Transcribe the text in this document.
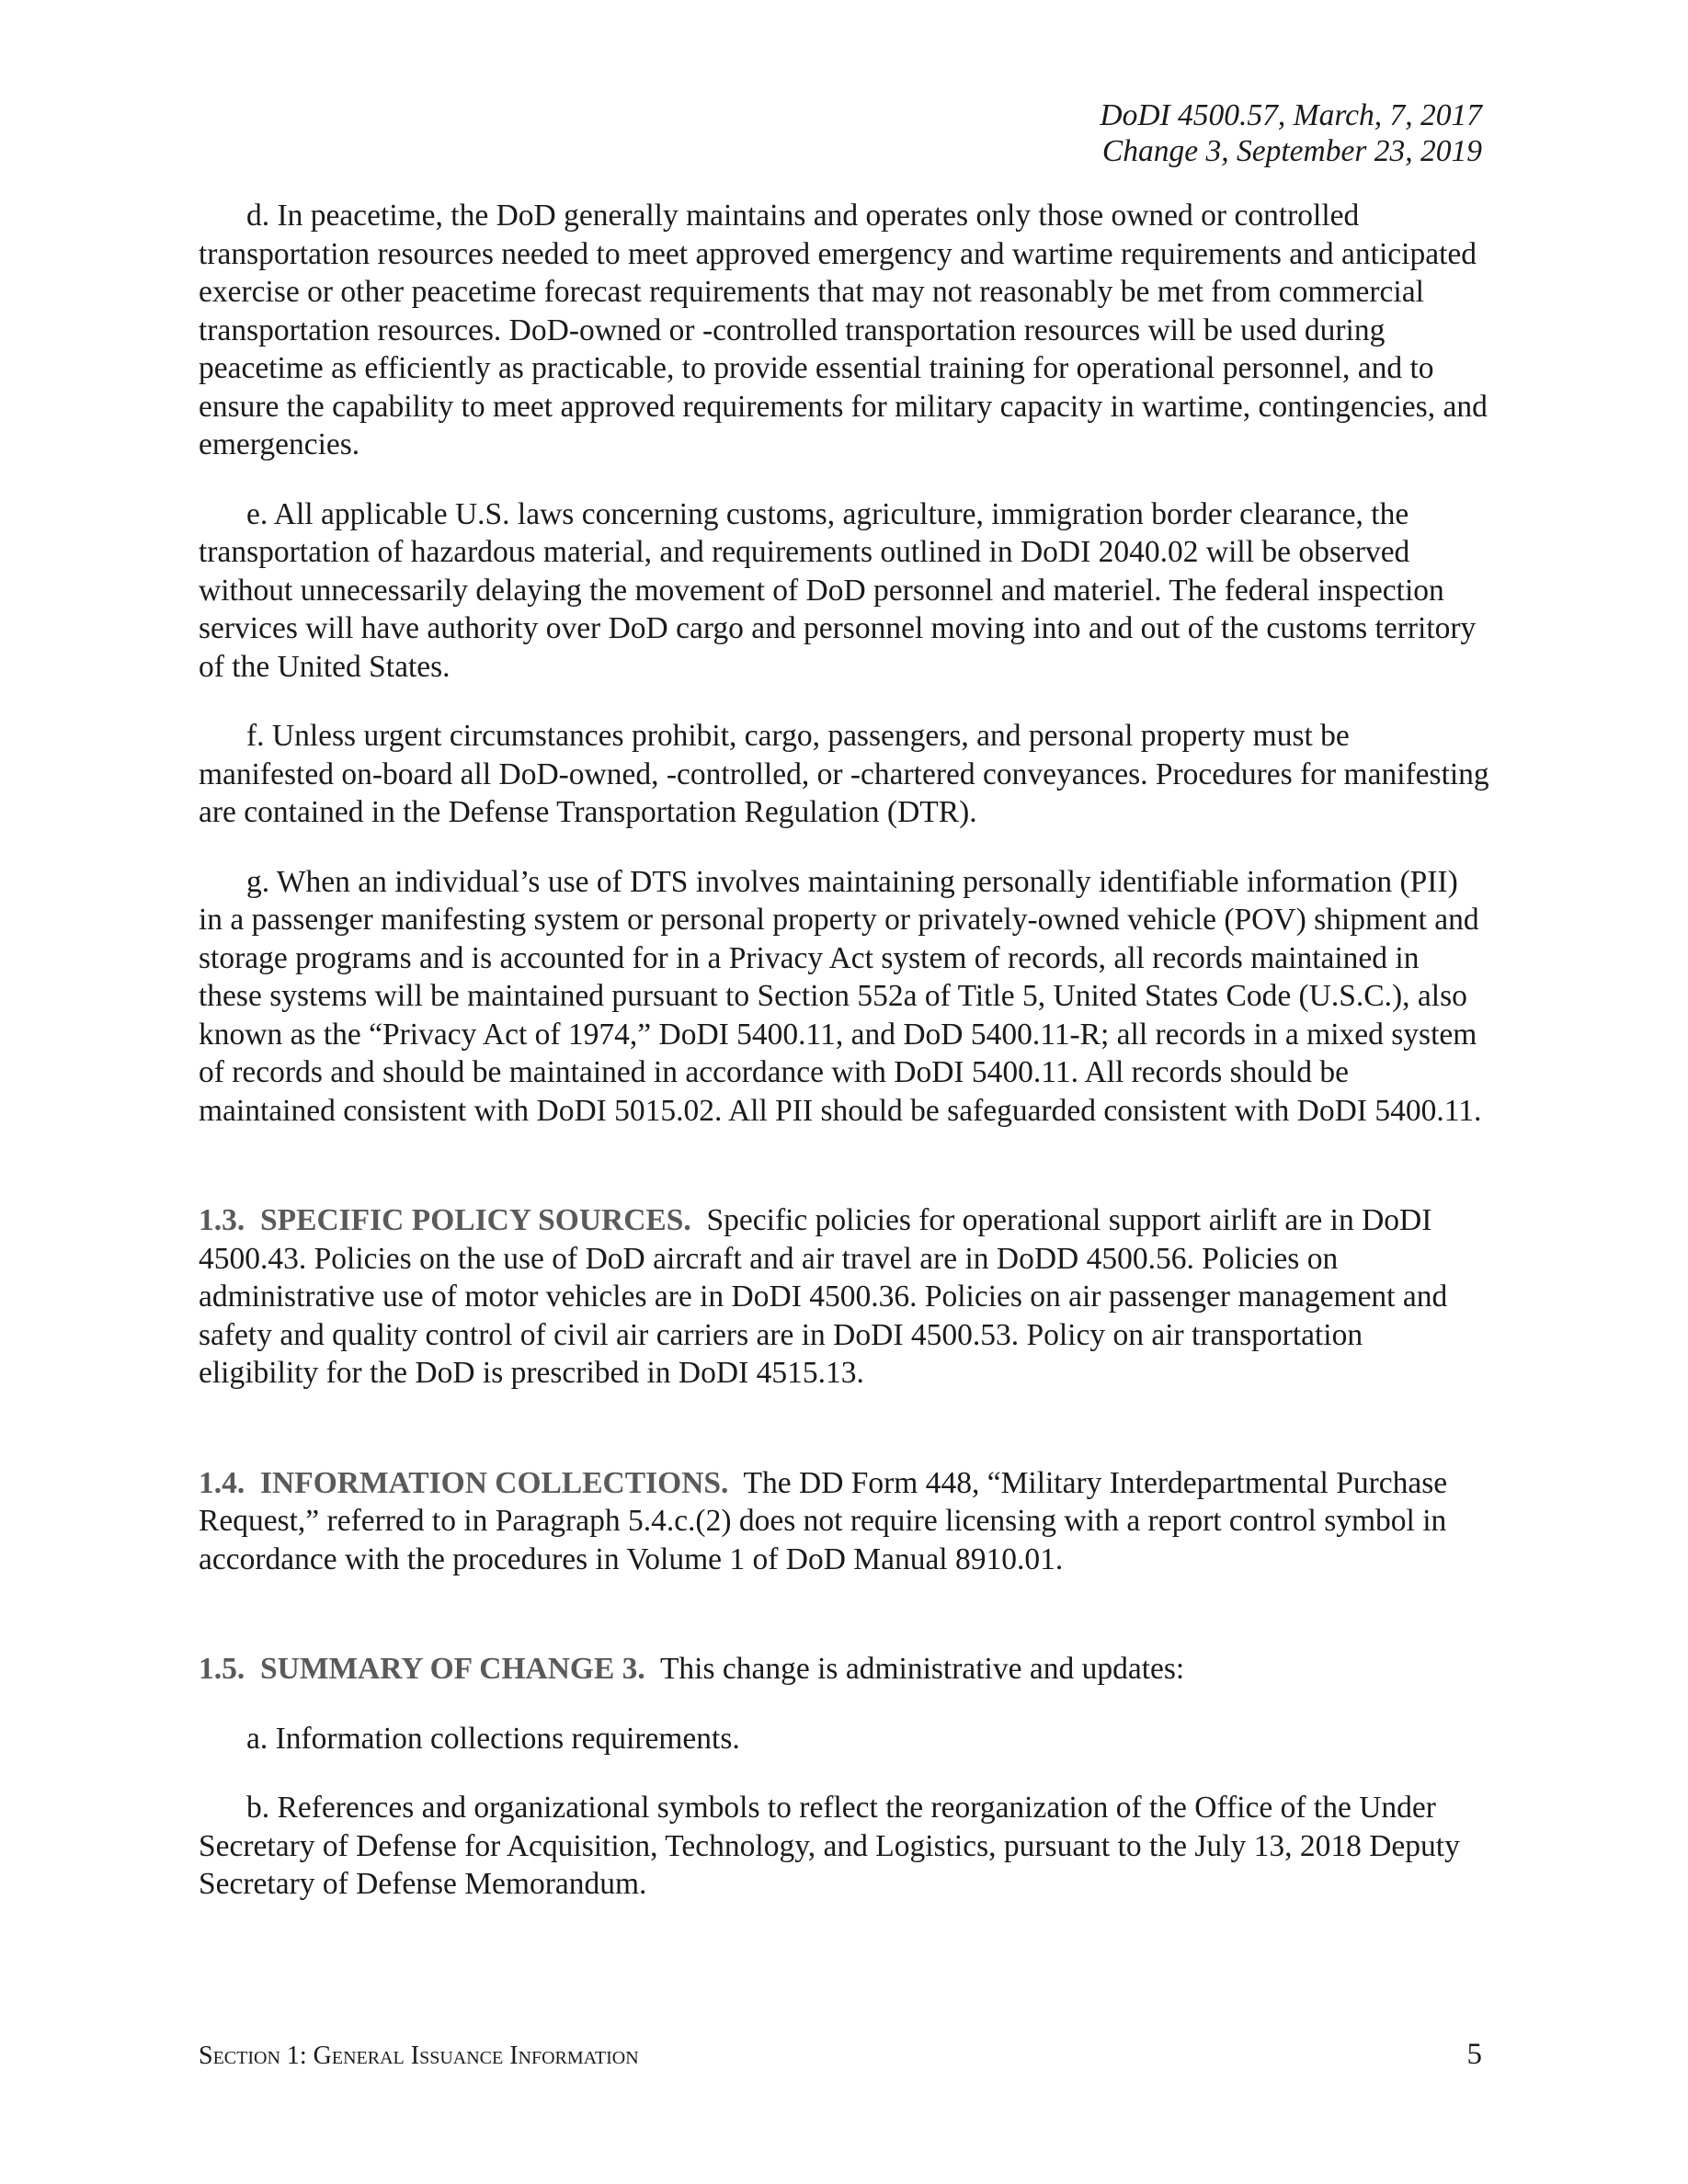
DoDI 4500.57, March, 7, 2017
Change 3, September 23, 2019

d. In peacetime, the DoD generally maintains and operates only those owned or controlled transportation resources needed to meet approved emergency and wartime requirements and anticipated exercise or other peacetime forecast requirements that may not reasonably be met from commercial transportation resources. DoD-owned or -controlled transportation resources will be used during peacetime as efficiently as practicable, to provide essential training for operational personnel, and to ensure the capability to meet approved requirements for military capacity in wartime, contingencies, and emergencies.

e. All applicable U.S. laws concerning customs, agriculture, immigration border clearance, the transportation of hazardous material, and requirements outlined in DoDI 2040.02 will be observed without unnecessarily delaying the movement of DoD personnel and materiel. The federal inspection services will have authority over DoD cargo and personnel moving into and out of the customs territory of the United States.

f. Unless urgent circumstances prohibit, cargo, passengers, and personal property must be manifested on-board all DoD-owned, -controlled, or -chartered conveyances. Procedures for manifesting are contained in the Defense Transportation Regulation (DTR).

g. When an individual’s use of DTS involves maintaining personally identifiable information (PII) in a passenger manifesting system or personal property or privately-owned vehicle (POV) shipment and storage programs and is accounted for in a Privacy Act system of records, all records maintained in these systems will be maintained pursuant to Section 552a of Title 5, United States Code (U.S.C.), also known as the “Privacy Act of 1974,” DoDI 5400.11, and DoD 5400.11-R; all records in a mixed system of records and should be maintained in accordance with DoDI 5400.11. All records should be maintained consistent with DoDI 5015.02. All PII should be safeguarded consistent with DoDI 5400.11.

1.3. SPECIFIC POLICY SOURCES. Specific policies for operational support airlift are in DoDI 4500.43. Policies on the use of DoD aircraft and air travel are in DoDD 4500.56. Policies on administrative use of motor vehicles are in DoDI 4500.36. Policies on air passenger management and safety and quality control of civil air carriers are in DoDI 4500.53. Policy on air transportation eligibility for the DoD is prescribed in DoDI 4515.13.

1.4. INFORMATION COLLECTIONS. The DD Form 448, “Military Interdepartmental Purchase Request,” referred to in Paragraph 5.4.c.(2) does not require licensing with a report control symbol in accordance with the procedures in Volume 1 of DoD Manual 8910.01.

1.5. SUMMARY OF CHANGE 3. This change is administrative and updates:

a. Information collections requirements.

b. References and organizational symbols to reflect the reorganization of the Office of the Under Secretary of Defense for Acquisition, Technology, and Logistics, pursuant to the July 13, 2018 Deputy Secretary of Defense Memorandum.

Section 1: General Issuance Information	5
